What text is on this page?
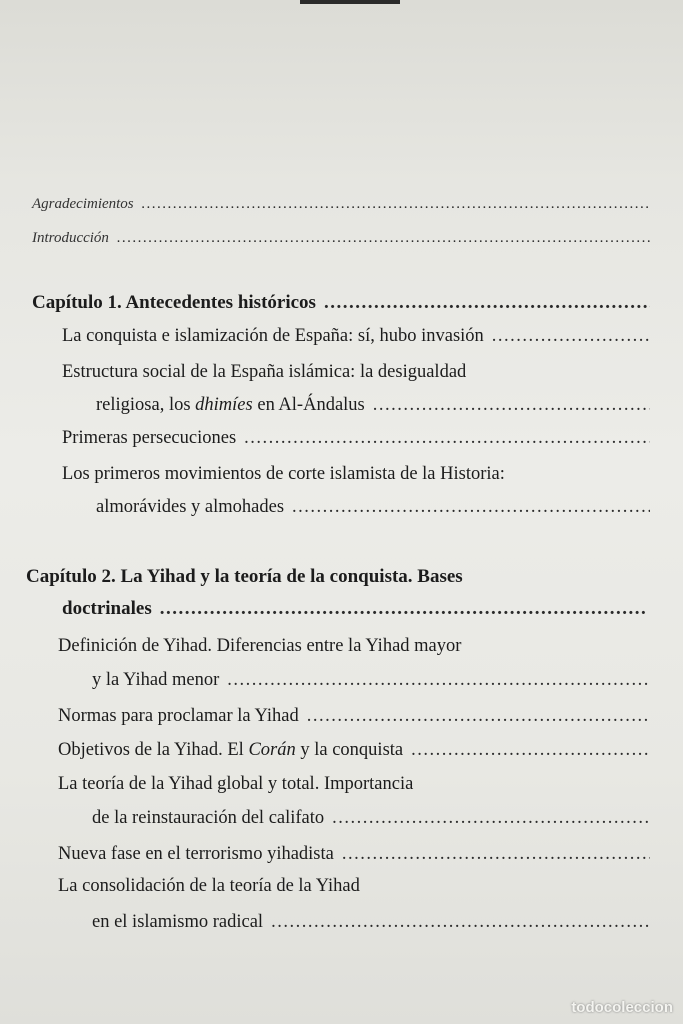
Agradecimientos
.....
Introducción
.....
Capítulo 1. Antecedentes históricos
.....
La conquista e islamización de España: sí, hubo invasión
.....
Estructura social de la España islámica: la desigualdad
religiosa, los dhimíes en Al-Ándalus
.....
Primeras persecuciones
.....
Los primeros movimientos de corte islamista de la Historia:
almorávides y almohades
.....
Capítulo 2. La Yihad y la teoría de la conquista. Bases
doctrinales
.....
Definición de Yihad. Diferencias entre la Yihad mayor
y la Yihad menor
.....
Normas para proclamar la Yihad
.....
Objetivos de la Yihad. El Corán y la conquista
.....
La teoría de la Yihad global y total. Importancia
de la reinstauración del califato
.....
Nueva fase en el terrorismo yihadista
.....
La consolidación de la teoría de la Yihad
en el islamismo radical
.....
todocoleccion
